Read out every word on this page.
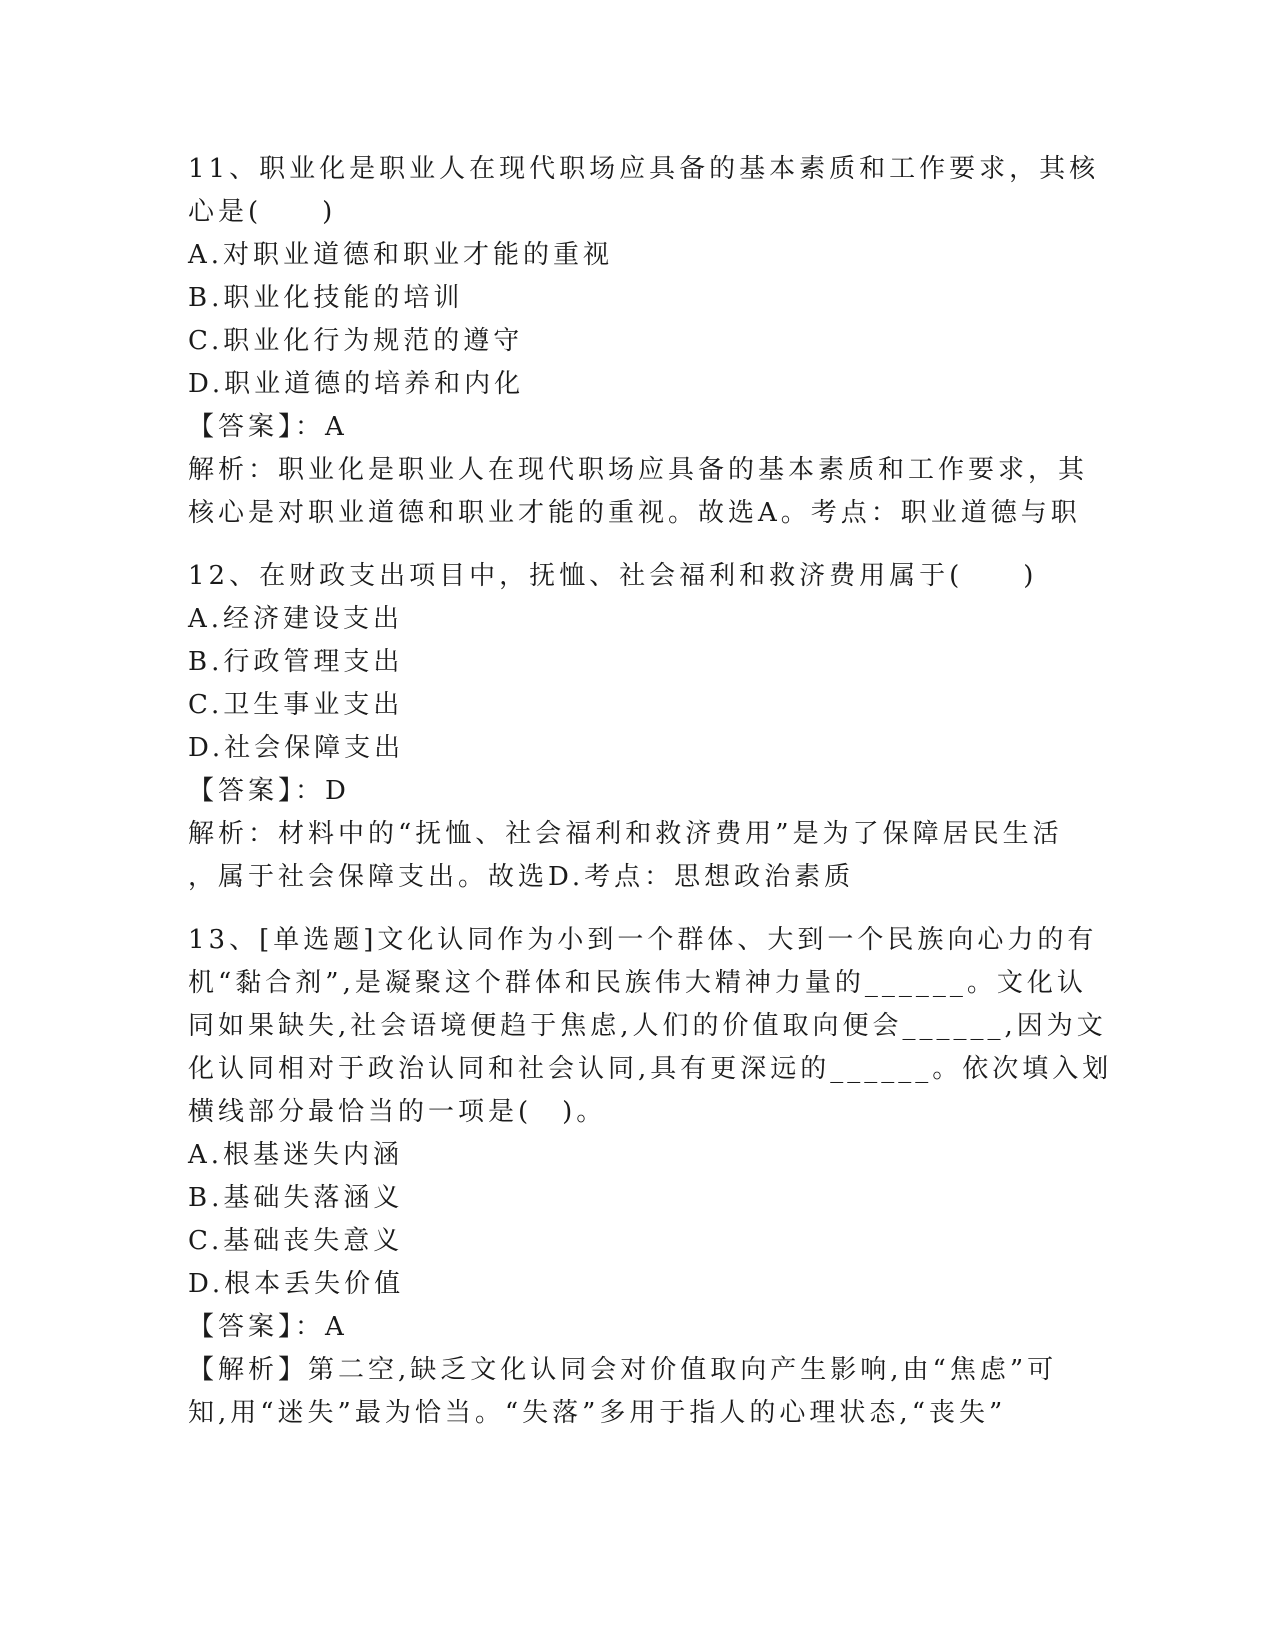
11、职业化是职业人在现代职场应具备的基本素质和工作要求，其核
心是(　　)
A.对职业道德和职业才能的重视
B.职业化技能的培训
C.职业化行为规范的遵守
D.职业道德的培养和内化
【答案】：A
解析：职业化是职业人在现代职场应具备的基本素质和工作要求，其
核心是对职业道德和职业才能的重视。故选A。考点：职业道德与职
12、在财政支出项目中，抚恤、社会福利和救济费用属于(　　)
A.经济建设支出
B.行政管理支出
C.卫生事业支出
D.社会保障支出
【答案】：D
解析：材料中的“抚恤、社会福利和救济费用”是为了保障居民生活
，属于社会保障支出。故选D.考点：思想政治素质
13、[单选题]文化认同作为小到一个群体、大到一个民族向心力的有
机“黏合剂”,是凝聚这个群体和民族伟大精神力量的______。文化认
同如果缺失,社会语境便趋于焦虑,人们的价值取向便会______,因为文
化认同相对于政治认同和社会认同,具有更深远的______。依次填入划
横线部分最恰当的一项是(　)。
A.根基迷失内涵
B.基础失落涵义
C.基础丧失意义
D.根本丢失价值
【答案】：A
【解析】第二空,缺乏文化认同会对价值取向产生影响,由“焦虑”可
知,用“迷失”最为恰当。“失落”多用于指人的心理状态,“丧失”
